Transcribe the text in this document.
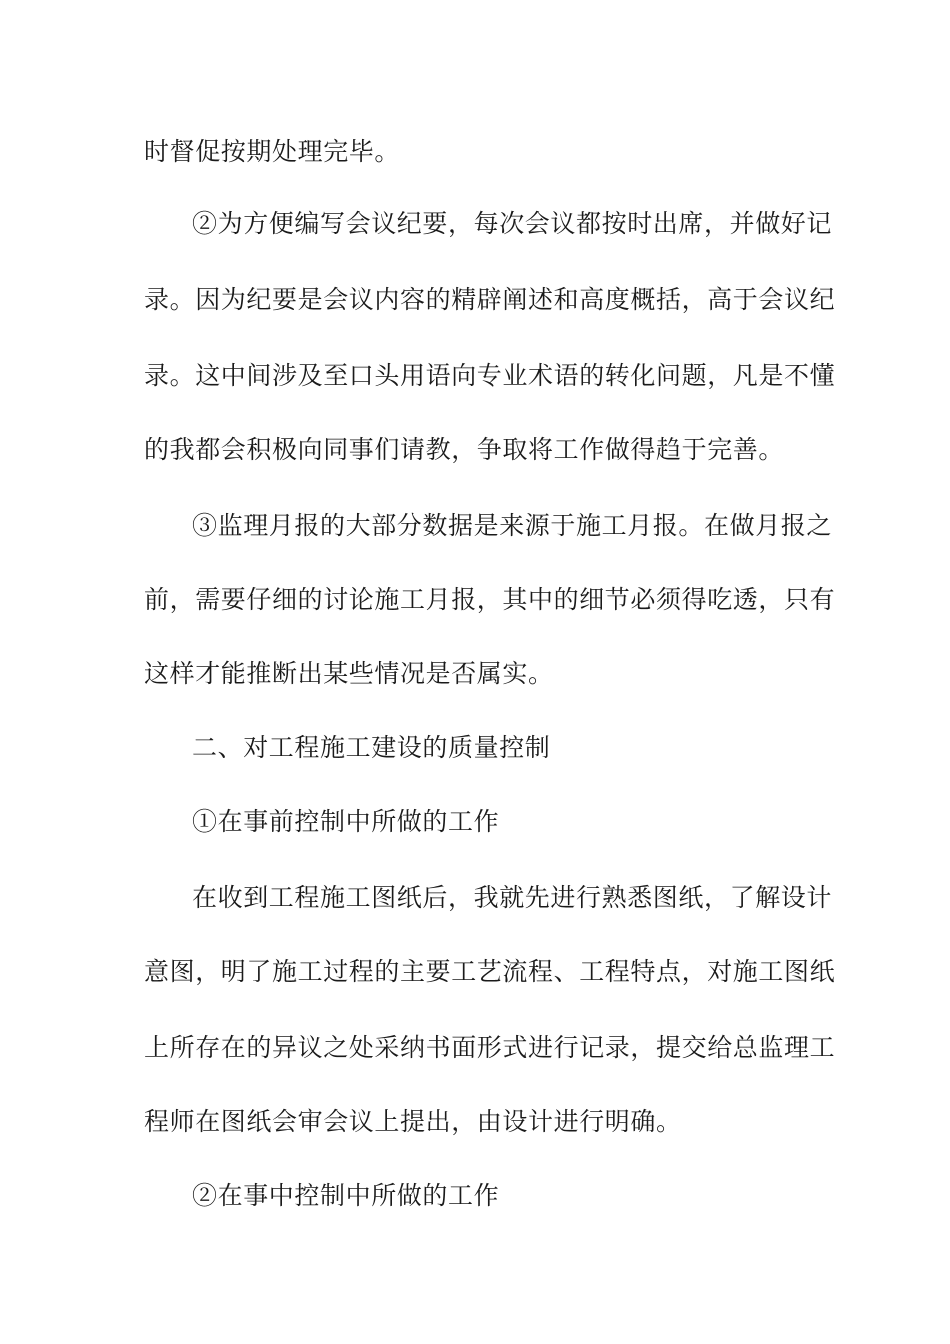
时督促按期处理完毕。
②为方便编写会议纪要，每次会议都按时出席，并做好记
录。因为纪要是会议内容的精辟阐述和高度概括，高于会议纪
录。这中间涉及至口头用语向专业术语的转化问题，凡是不懂
的我都会积极向同事们请教，争取将工作做得趋于完善。
③监理月报的大部分数据是来源于施工月报。在做月报之
前，需要仔细的讨论施工月报，其中的细节必须得吃透，只有
这样才能推断出某些情况是否属实。
二、对工程施工建设的质量控制
①在事前控制中所做的工作
在收到工程施工图纸后，我就先进行熟悉图纸，了解设计
意图，明了施工过程的主要工艺流程、工程特点，对施工图纸
上所存在的异议之处采纳书面形式进行记录，提交给总监理工
程师在图纸会审会议上提出，由设计进行明确。
②在事中控制中所做的工作
